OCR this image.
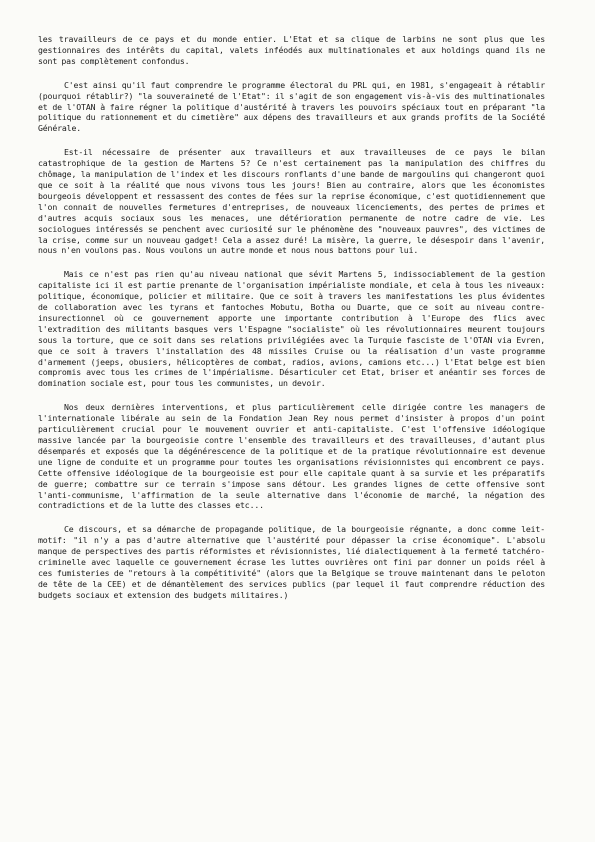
les travailleurs de ce pays et du monde entier. L'Etat et sa clique de larbins ne sont plus que les gestionnaires des intérêts du capital, valets inféodés aux multinationales et aux holdings quand ils ne sont pas complètement confondus.

C'est ainsi qu'il faut comprendre le programme électoral du PRL qui, en 1981, s'engageait à rétablir (pourquoi rétablir?) "la souveraineté de l'Etat": il s'agit de son engagement vis-à-vis des multinationales et de l'OTAN à faire régner la politique d'austérité à travers les pouvoirs spéciaux tout en préparant "la politique du rationnement et du cimetière" aux dépens des travailleurs et aux grands profits de la Société Générale.

Est-il nécessaire de présenter aux travailleurs et aux travailleuses de ce pays le bilan catastrophique de la gestion de Martens 5? Ce n'est certainement pas la manipulation des chiffres du chômage, la manipulation de l'index et les discours ronflants d'une bande de margoulins qui changeront quoi que ce soit à la réalité que nous vivons tous les jours! Bien au contraire, alors que les économistes bourgeois développent et ressassent des contes de fées sur la reprise économique, c'est quotidiennement que l'on connait de nouvelles fermetures d'entreprises, de nouveaux licenciements, des pertes de primes et d'autres acquis sociaux sous les menaces, une détérioration permanente de notre cadre de vie. Les sociologues intéressés se penchent avec curiosité sur le phénomène des "nouveaux pauvres", des victimes de la crise, comme sur un nouveau gadget! Cela a assez duré! La misère, la guerre, le désespoir dans l'avenir, nous n'en voulons pas. Nous voulons un autre monde et nous nous battons pour lui.

Mais ce n'est pas rien qu'au niveau national que sévit Martens 5, indissociablement de la gestion capitaliste ici il est partie prenante de l'organisation impérialiste mondiale, et cela à tous les niveaux: politique, économique, policier et militaire. Que ce soit à travers les manifestations les plus évidentes de collaboration avec les tyrans et fantoches Mobutu, Botha ou Duarte, que ce soit au niveau contre-insurectionnel où ce gouvernement apporte une importante contribution à l'Europe des flics avec l'extradition des militants basques vers l'Espagne "socialiste" où les révolutionnaires meurent toujours sous la torture, que ce soit dans ses relations privilégiées avec la Turquie fasciste de l'OTAN via Evren, que ce soit à travers l'installation des 48 missiles Cruise ou la réalisation d'un vaste programme d'armement (jeeps, obusiers, hélicoptères de combat, radios, avions, camions etc...) l'Etat belge est bien compromis avec tous les crimes de l'impérialisme. Désarticuler cet Etat, briser et anéantir ses forces de domination sociale est, pour tous les communistes, un devoir.

Nos deux dernières interventions, et plus particulièrement celle dirigée contre les managers de l'internationale libérale au sein de la Fondation Jean Rey nous permet d'insister à propos d'un point particulièrement crucial pour le mouvement ouvrier et anti-capitaliste. C'est l'offensive idéologique massive lancée par la bourgeoisie contre l'ensemble des travailleurs et des travailleuses, d'autant plus désemparés et exposés que la dégénérescence de la politique et de la pratique révolutionnaire est devenue une ligne de conduite et un programme pour toutes les organisations révisionnistes qui encombrent ce pays. Cette offensive idéologique de la bourgeoisie est pour elle capitale quant à sa survie et les préparatifs de guerre; combattre sur ce terrain s'impose sans détour. Les grandes lignes de cette offensive sont l'anti-communisme, l'affirmation de la seule alternative dans l'économie de marché, la négation des contradictions et de la lutte des classes etc...

Ce discours, et sa démarche de propagande politique, de la bourgeoisie régnante, a donc comme leit-motif: "il n'y a pas d'autre alternative que l'austérité pour dépasser la crise économique". L'absolu manque de perspectives des partis réformistes et révisionnistes, lié dialectiquement à la fermeté tatchéro-criminelle avec laquelle ce gouvernement écrase les luttes ouvrières ont fini par donner un poids réel à ces fumisteries de "retours à la compétitivité" (alors que la Belgique se trouve maintenant dans le peloton de tête de la CEE) et de démantèlement des services publics (par lequel il faut comprendre réduction des budgets sociaux et extension des budgets militaires.)
